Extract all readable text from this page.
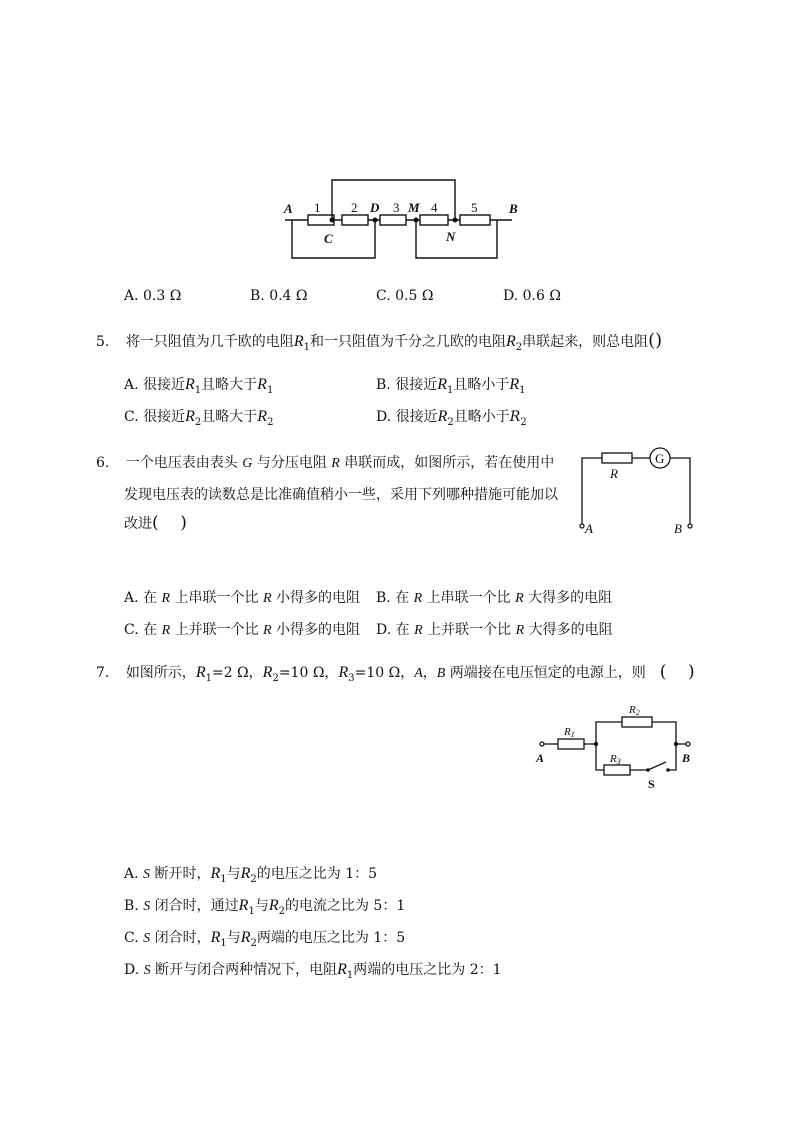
A
C
D M
N
B
1 2	3 4	5
A. 0.3 Ω	B. 0.4 Ω	C. 0.5 Ω	D. 0.6 Ω
5. 将一只阻值为几千欧的电阻$R_1$和一只阻值为千分之几欧的电阻$R_2$串联起来，则总电阻()
A. 很接近$R_1$且略大于$R_1$	B. 很接近$R_1$且略小于$R_1$
C. 很接近$R_2$且略大于$R_2$	D. 很接近$R_2$且略小于$R_2$
6. 一个电压表由表头 G 与分压电阻 R 串联而成，如图所示，若在使用中
发现电压表的读数总是比准确值稍小一些，采用下列哪种措施可能加以
改进(    )
G
R
A	B
A. 在 R 上串联一个比 R 小得多的电阻 B. 在 R 上串联一个比 R 大得多的电阻
C. 在 R 上并联一个比 R 小得多的电阻 D. 在 R 上并联一个比 R 大得多的电阻
7. 如图所示，$R_1=2$ Ω，$R_2=10$ Ω，$R_3=10$ Ω，A，B 两端接在电压恒定的电源上，则 (    )
R1
R2
R3
A	B
S
A. S 断开时，$R_1$与$R_2$的电压之比为 1：5
B. S 闭合时，通过$R_1$与$R_2$的电流之比为 5：1
C. S 闭合时，$R_1$与$R_2$两端的电压之比为 1：5
D. S 断开与闭合两种情况下，电阻$R_1$两端的电压之比为 2：1
